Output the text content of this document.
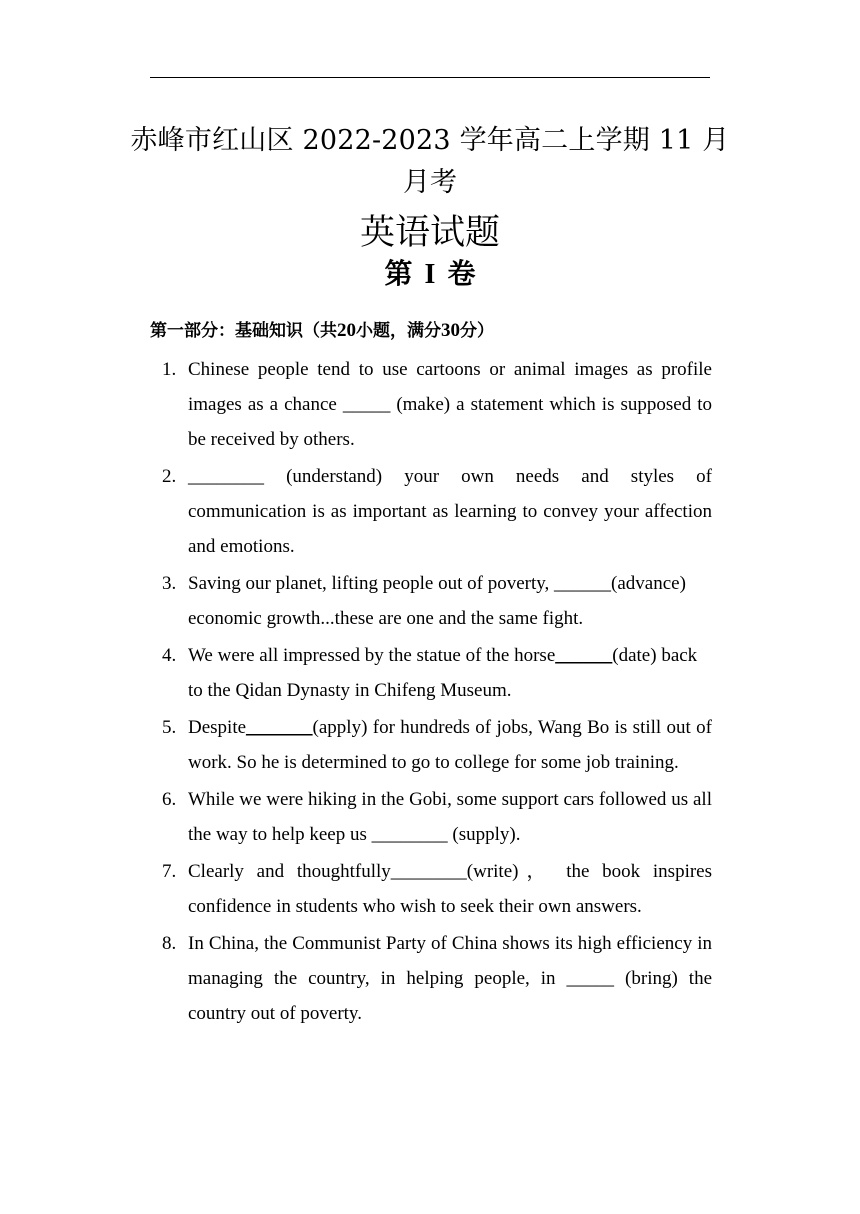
赤峰市红山区 2022-2023 学年高二上学期 11 月
月考
英语试题
第 I 卷
第一部分：基础知识（共20小题，满分30分）
1. Chinese people tend to use cartoons or animal images as profile images as a chance _____ (make) a statement which is supposed to be received by others.
2. ________ (understand) your own needs and styles of communication is as important as learning to convey your affection and emotions.
3. Saving our planet, lifting people out of poverty, ______(advance) economic growth...these are one and the same fight.
4. We were all impressed by the statue of the horse______(date) back to the Qidan Dynasty in Chifeng Museum.
5. Despite_______(apply) for hundreds of jobs, Wang Bo is still out of work. So he is determined to go to college for some job training.
6. While we were hiking in the Gobi, some support cars followed us all the way to help keep us ________ (supply).
7. Clearly and thoughtfully________(write)， the book inspires confidence in students who wish to seek their own answers.
8. In China, the Communist Party of China shows its high efficiency in managing the country, in helping people, in _____ (bring) the country out of poverty.
